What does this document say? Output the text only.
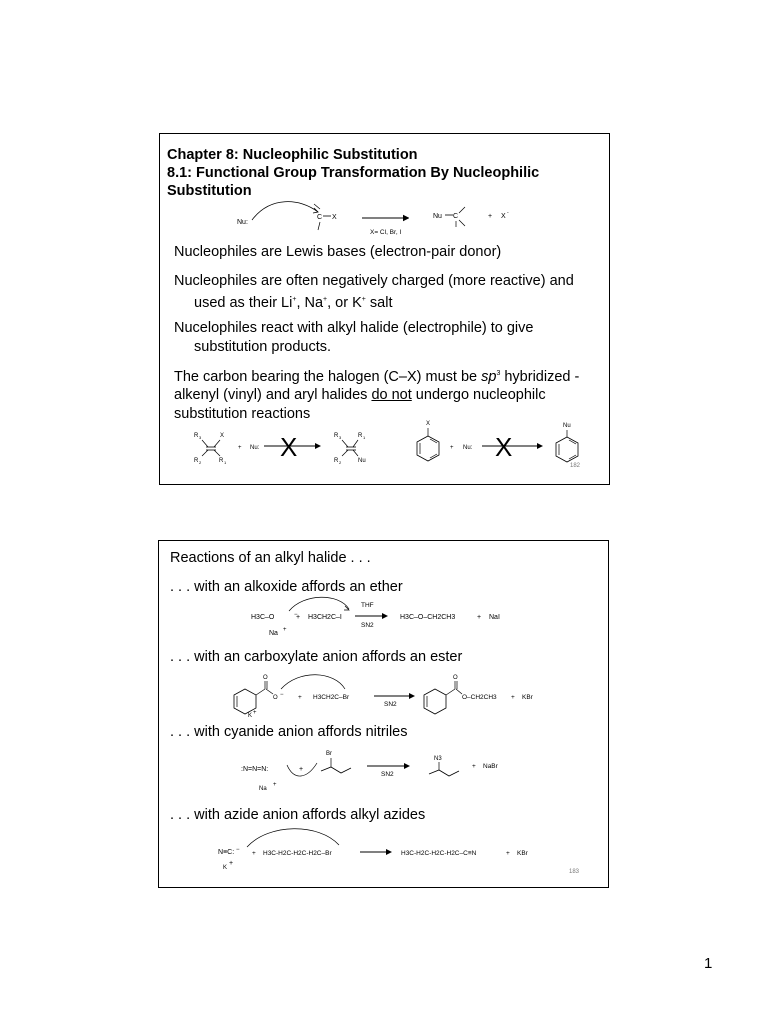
Chapter 8: Nucleophilic Substitution
8.1: Functional Group Transformation By Nucleophilic
Substitution
Nu:
C X
X= Cl, Br, I
Nu C	+ X -
Nucleophiles are Lewis bases (electron-pair donor)
Nucleophiles are often negatively charged (more reactive) and

used as their Li+, Na+, or K+ salt
Nucelophiles react with alkyl halide (electrophile) to give

substitution products.
The carbon bearing the halogen (C–X) must be $sp^3$ hybridized -
alkenyl (vinyl) and aryl halides do not undergo nucleophilc
substitution reactions
R 3	X
R 2	R 1
+ Nu: X	R 3	R 1
R 2	Nu
X
+ Nu: X
Nu
182
Reactions of an alkyl halide . . .
. . . with an alkoxide affords an ether
. . . with an carboxylate anion affords an ester
. . . with cyanide anion affords nitriles
. . . with azide anion affords alkyl azides
H3C–O	−
Na +
+ H3CH2C–I
THF
SN2
H3C–O–CH2CH3	+ NaI
O
O −
K +
+ H3CH2C–Br
SN2
O
O–CH2CH3 + KBr
:N=N=N:
Na
+
+
Br
SN2
N3
+ NaBr
N≡C: −
K
+
+ H3C-H2C-H2C-H2C–Br	H3C-H2C-H2C-H2C–C≡N	+ KBr
183
1
